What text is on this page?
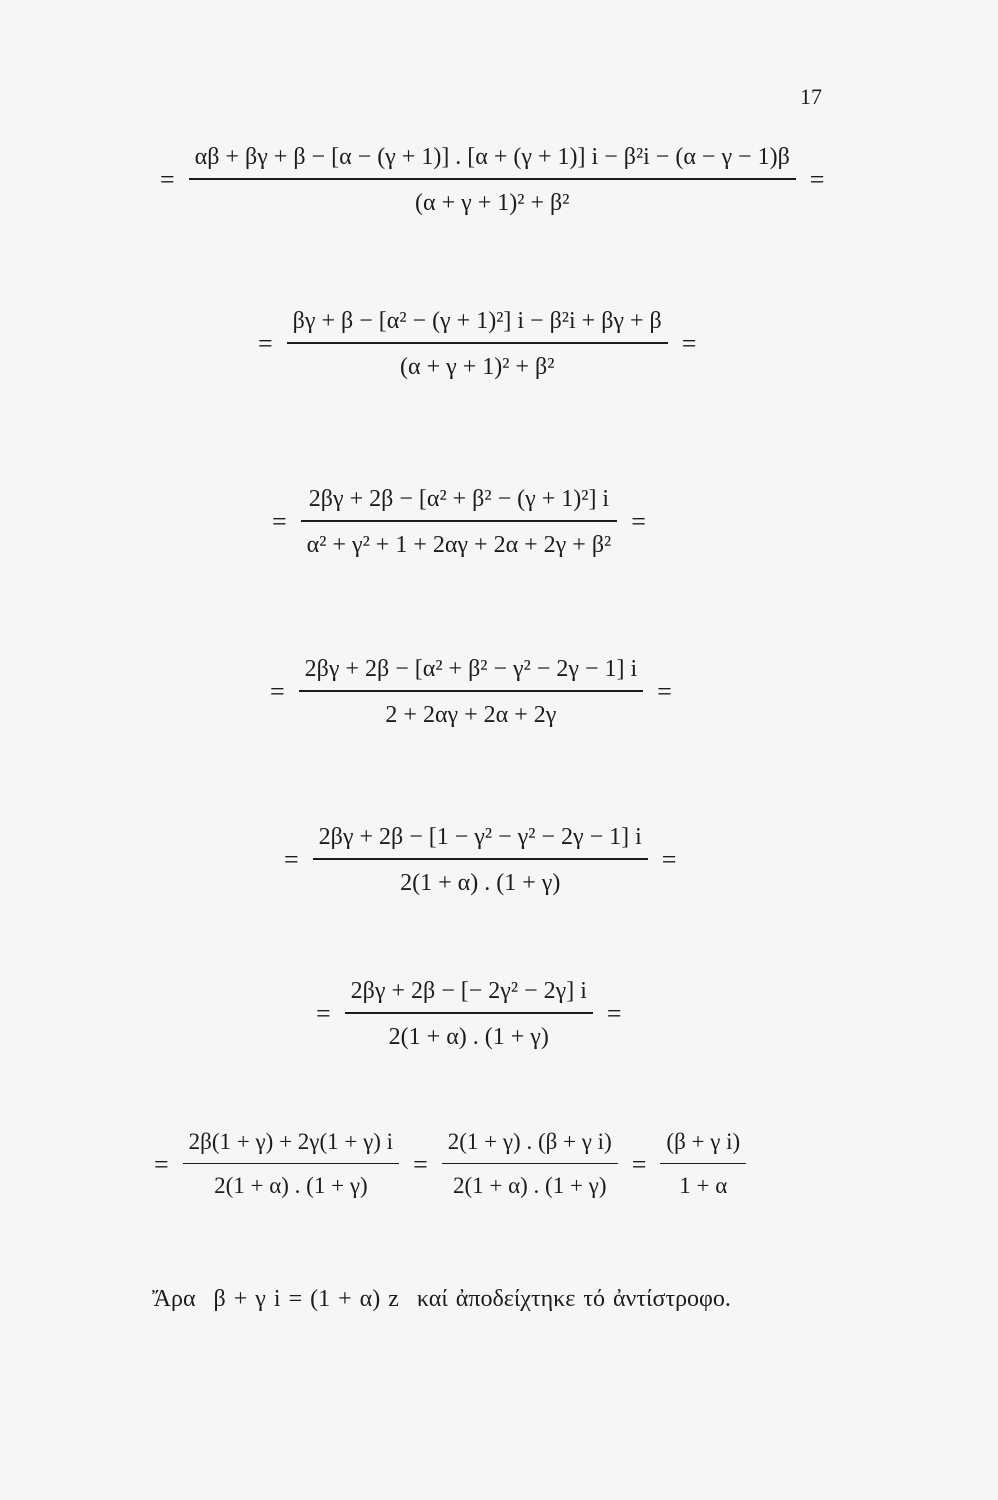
17
=
αβ + βγ + β − [α − (γ + 1)] . [α + (γ + 1)] i − β²i − (α − γ − 1)β
(α + γ + 1)² + β²
=
= $\frac{\text{βγ + β − [α² − (γ + 1)²] i − β²i + βγ + β}}{\text{(α + γ + 1)² + β²}}$ =
= $\frac{\text{2βγ + 2β − [α² + β² − (γ + 1)²] i}}{\text{α² + γ² + 1 + 2αγ + 2α + 2γ + β²}}$ =
= $\frac{\text{2βγ + 2β − [α² + β² − γ² − 2γ − 1] i}}{2 + 2\alpha\gamma + 2\alpha + 2\gamma}$ =
= $\frac{\text{2βγ + 2β − [1 − γ² − γ² − 2γ − 1] i}}{2(1 + \alpha) . (1 + \gamma)}$ =
= $\frac{\text{2βγ + 2β − [− 2γ² − 2γ] i}}{2(1 + \alpha) . (1 + \gamma)}$ =
= $\frac{2\beta(1 + \gamma) + 2\gamma(1 + \gamma) i}{2(1 + \alpha) . (1 + \gamma)} = \frac{\text{2(1 + γ) . (β + γ i)}}{2(1 + \alpha) . (1 + \gamma)} = \frac{\text{(β + γ i)}}{1 + \alpha}$
Ἄρα β + γ i = (1 + α) z καί ἀποδείχτηκε τό ἀντίστροφο.
